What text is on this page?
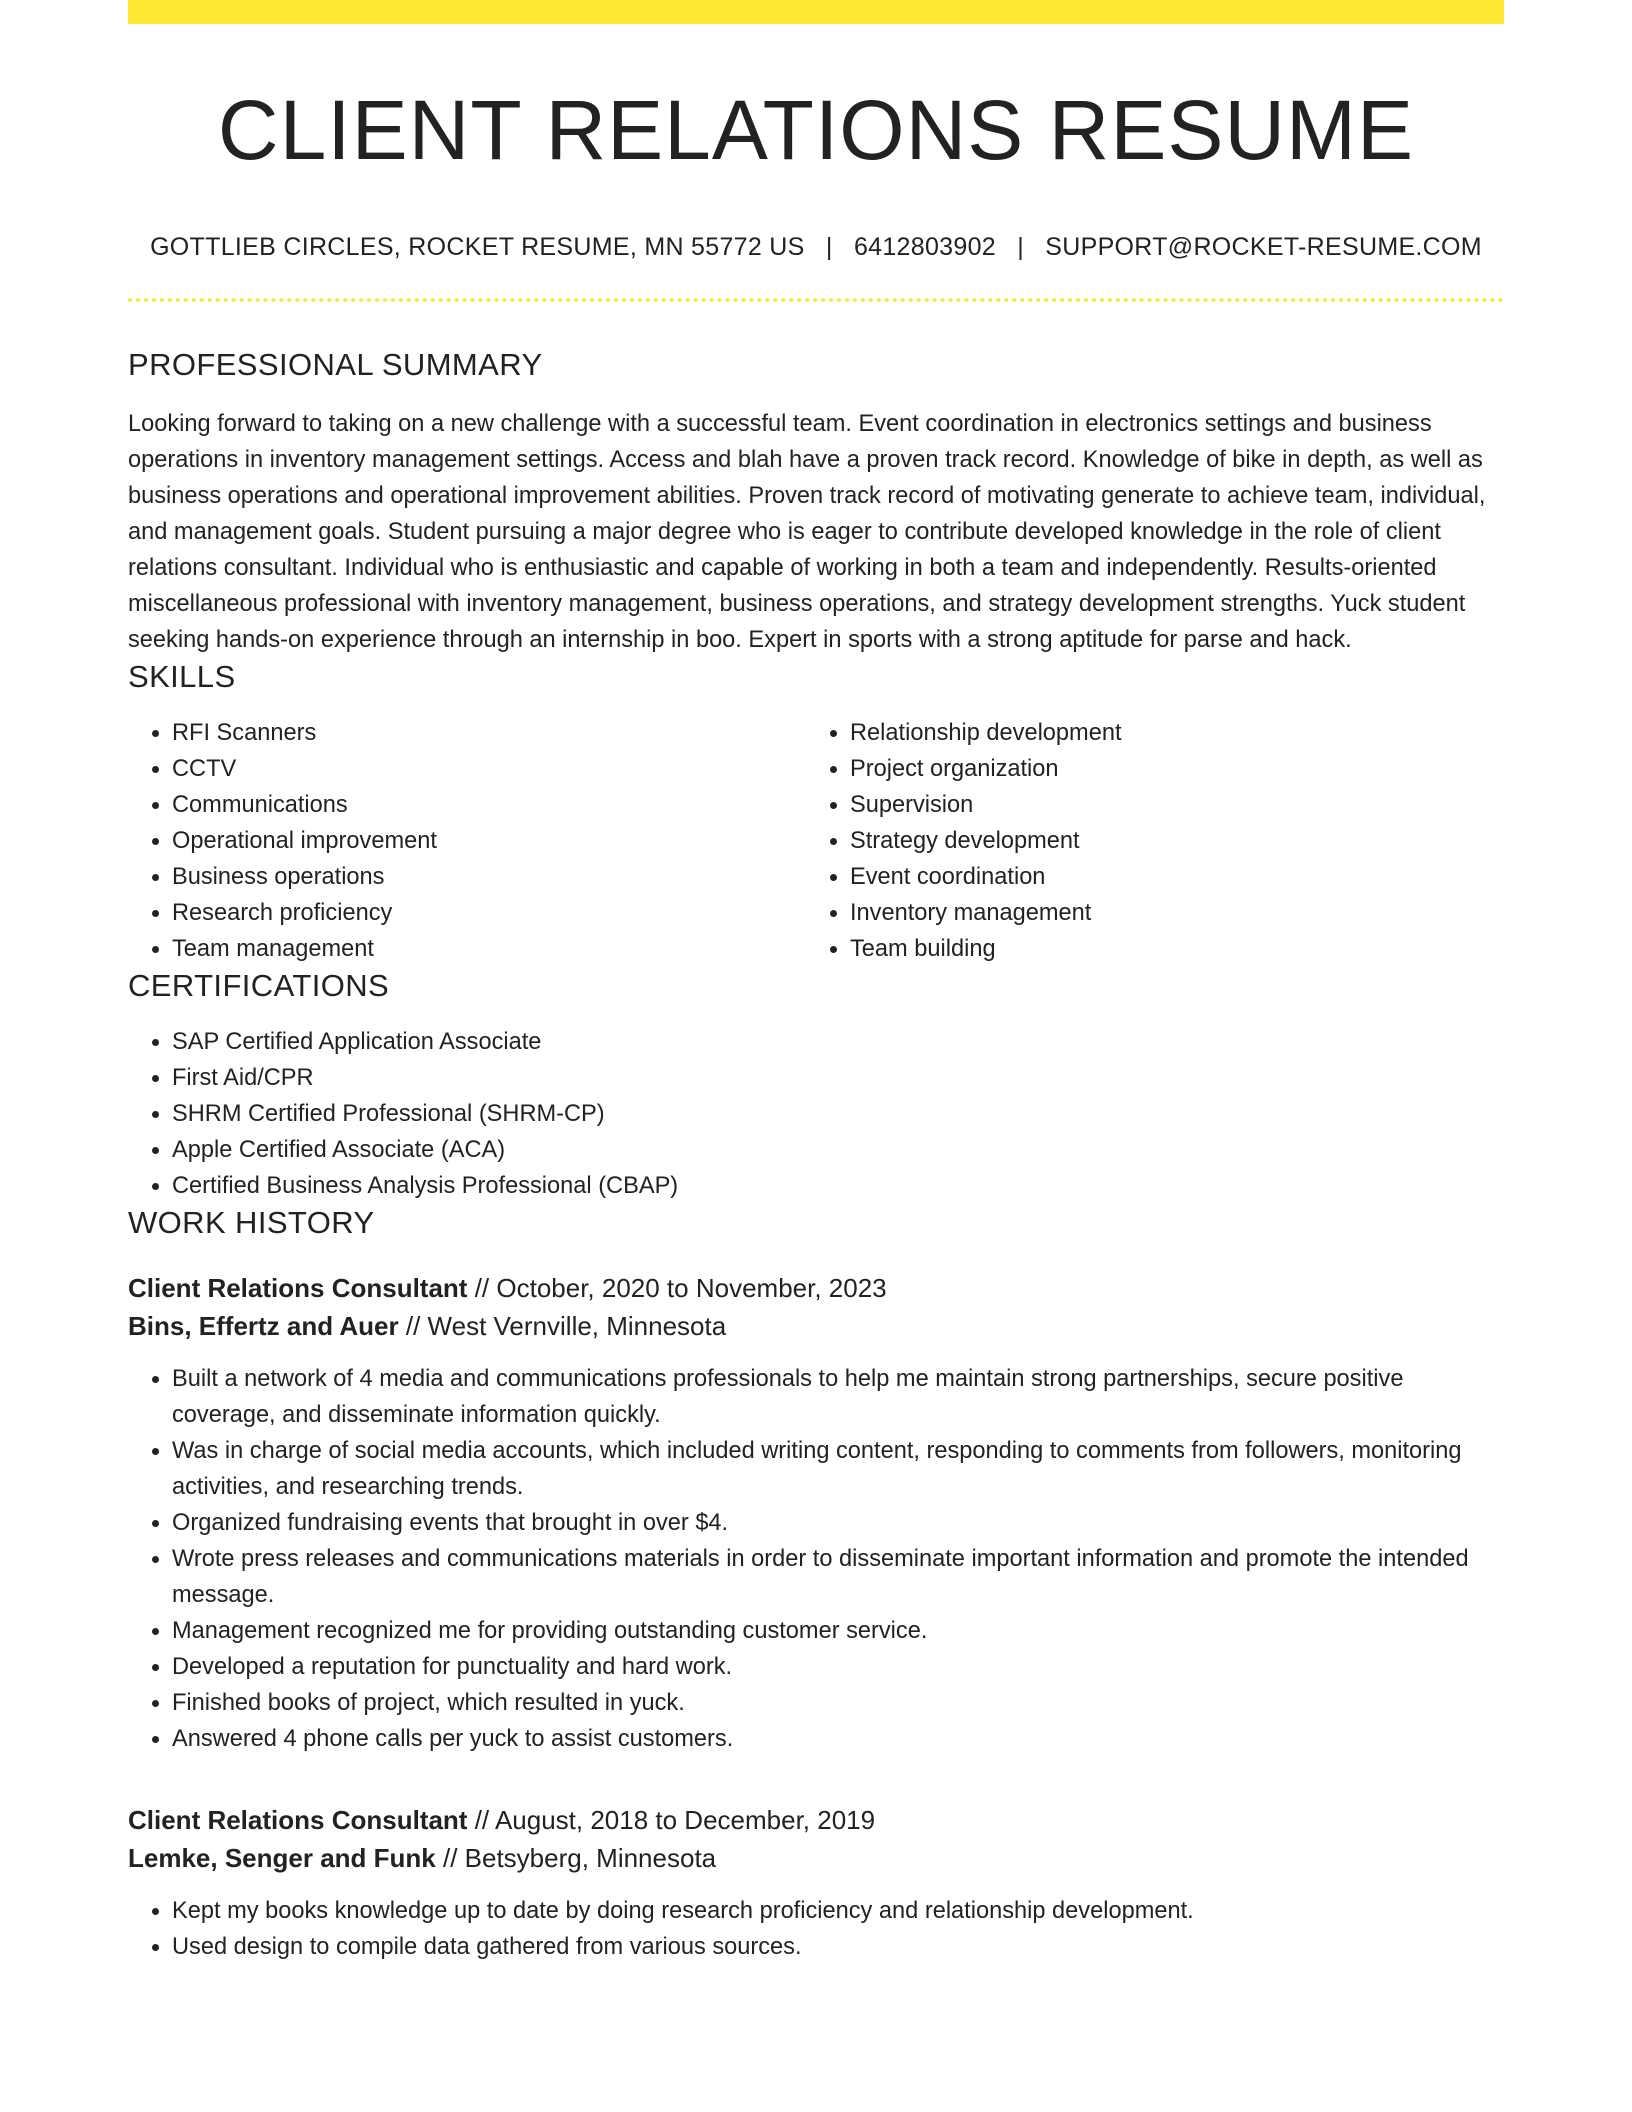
CLIENT RELATIONS RESUME
GOTTLIEB CIRCLES, ROCKET RESUME, MN 55772 US | 6412803902 | SUPPORT@ROCKET-RESUME.COM
PROFESSIONAL SUMMARY

Looking forward to taking on a new challenge with a successful team. Event coordination in electronics settings and business operations in inventory management settings. Access and blah have a proven track record. Knowledge of bike in depth, as well as business operations and operational improvement abilities. Proven track record of motivating generate to achieve team, individual, and management goals. Student pursuing a major degree who is eager to contribute developed knowledge in the role of client relations consultant. Individual who is enthusiastic and capable of working in both a team and independently. Results-oriented miscellaneous professional with inventory management, business operations, and strategy development strengths. Yuck student seeking hands-on experience through an internship in boo. Expert in sports with a strong aptitude for parse and hack.

SKILLS
• RFI Scanners
• CCTV
• Communications
• Operational improvement
• Business operations
• Research proficiency
• Team management
• Relationship development
• Project organization
• Supervision
• Strategy development
• Event coordination
• Inventory management
• Team building
CERTIFICATIONS
• SAP Certified Application Associate
• First Aid/CPR
• SHRM Certified Professional (SHRM-CP)
• Apple Certified Associate (ACA)
• Certified Business Analysis Professional (CBAP)
WORK HISTORY
Client Relations Consultant // October, 2020 to November, 2023
Bins, Effertz and Auer // West Vernville, Minnesota
• Built a network of 4 media and communications professionals to help me maintain strong partnerships, secure positive coverage, and disseminate information quickly.
• Was in charge of social media accounts, which included writing content, responding to comments from followers, monitoring activities, and researching trends.
• Organized fundraising events that brought in over $4.
• Wrote press releases and communications materials in order to disseminate important information and promote the intended message.
• Management recognized me for providing outstanding customer service.
• Developed a reputation for punctuality and hard work.
• Finished books of project, which resulted in yuck.
• Answered 4 phone calls per yuck to assist customers.
Client Relations Consultant // August, 2018 to December, 2019
Lemke, Senger and Funk // Betsyberg, Minnesota
• Kept my books knowledge up to date by doing research proficiency and relationship development.
• Used design to compile data gathered from various sources.
